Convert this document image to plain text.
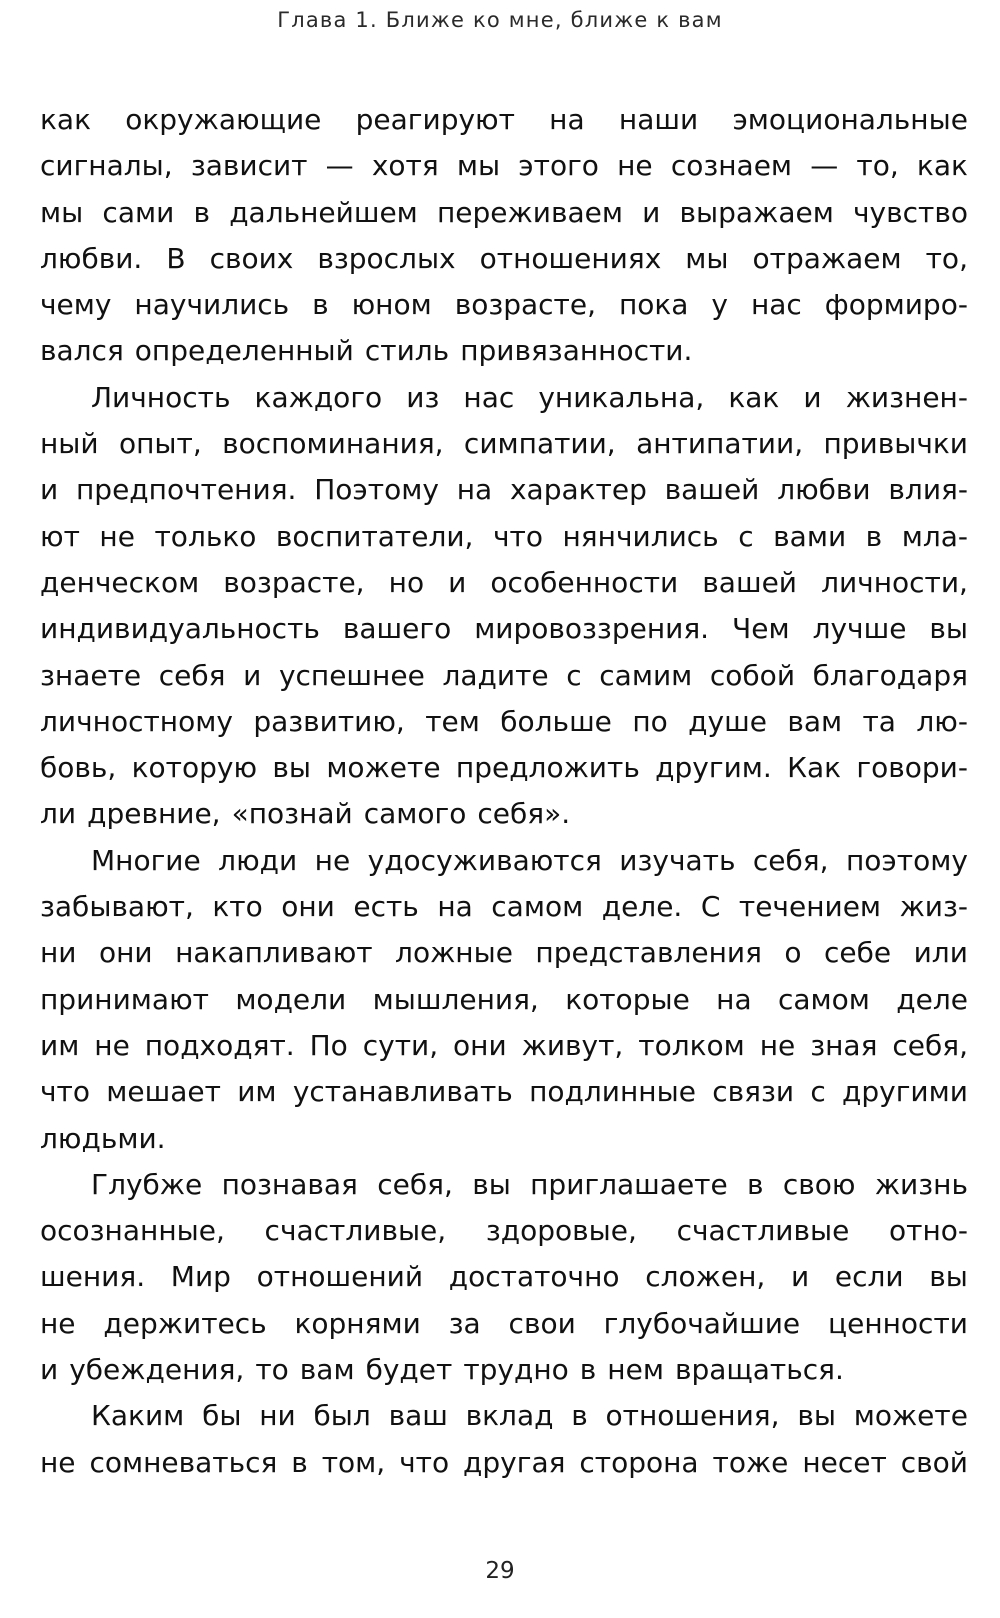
Глава 1. Ближе ко мне, ближе к вам
как окружающие реагируют на наши эмоциональные
сигналы, зависит — хотя мы этого не сознаем — то, как
мы сами в дальнейшем переживаем и выражаем чувство
любви. В своих взрослых отношениях мы отражаем то,
чему научились в юном возрасте, пока у нас формиро-
вался определенный стиль привязанности.
Личность каждого из нас уникальна, как и жизнен-
ный опыт, воспоминания, симпатии, антипатии, привычки
и предпочтения. Поэтому на характер вашей любви влия-
ют не только воспитатели, что нянчились с вами в мла-
денческом возрасте, но и особенности вашей личности,
индивидуальность вашего мировоззрения. Чем лучше вы
знаете себя и успешнее ладите с самим собой благодаря
личностному развитию, тем больше по душе вам та лю-
бовь, которую вы можете предложить другим. Как говори-
ли древние, «познай самого себя».
Многие люди не удосуживаются изучать себя, поэтому
забывают, кто они есть на самом деле. С течением жиз-
ни они накапливают ложные представления о себе или
принимают модели мышления, которые на самом деле
им не подходят. По сути, они живут, толком не зная себя,
что мешает им устанавливать подлинные связи с другими
людьми.
Глубже познавая себя, вы приглашаете в свою жизнь
осознанные, счастливые, здоровые, счастливые отно-
шения. Мир отношений достаточно сложен, и если вы
не держитесь корнями за свои глубочайшие ценности
и убеждения, то вам будет трудно в нем вращаться.
Каким бы ни был ваш вклад в отношения, вы можете
не сомневаться в том, что другая сторона тоже несет свой
29
